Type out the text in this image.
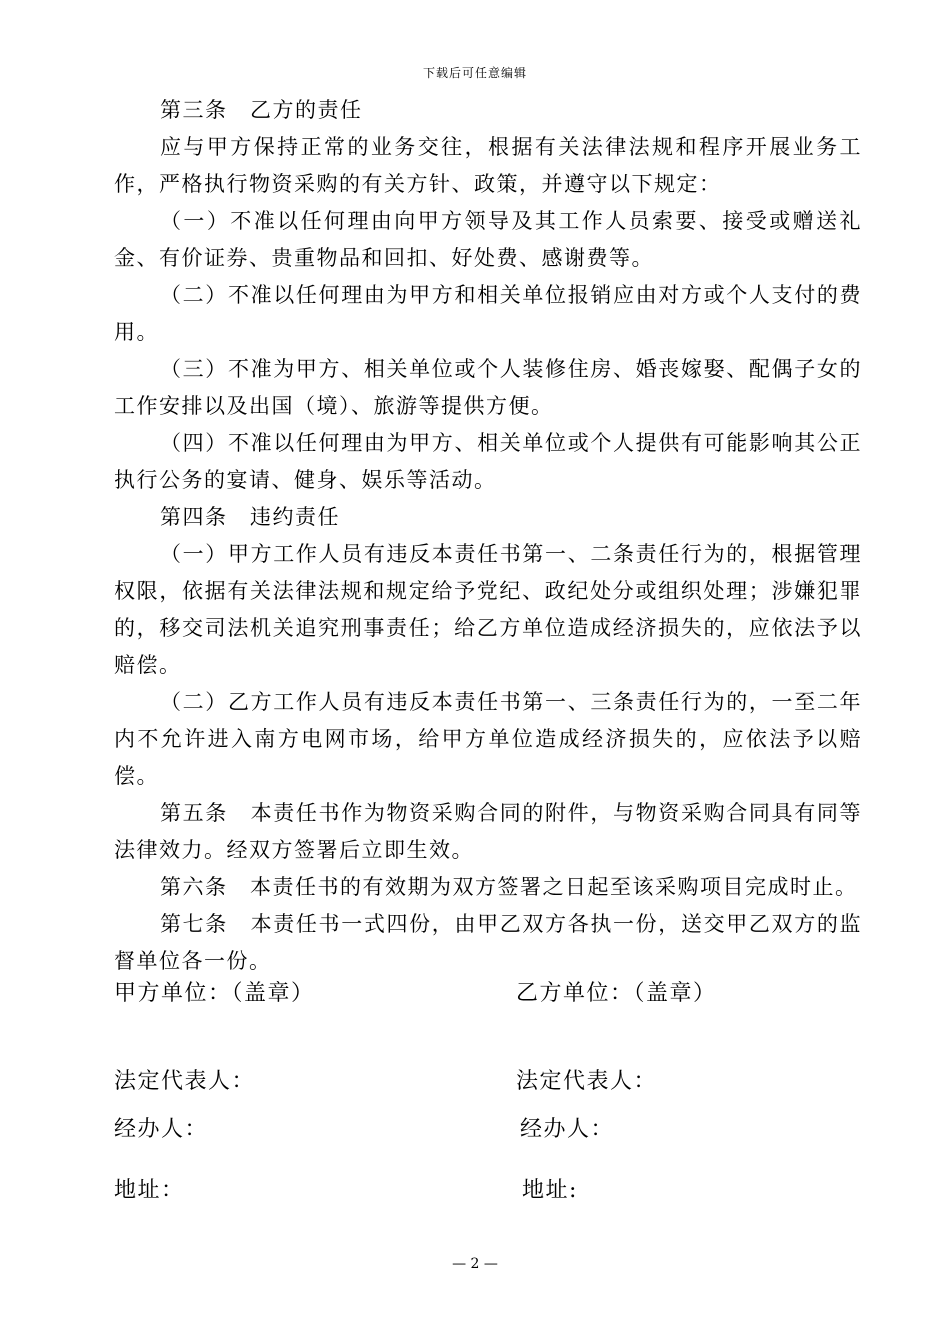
下载后可任意编辑

第三条　乙方的责任

应与甲方保持正常的业务交往，根据有关法律法规和程序开展业务工作，严格执行物资采购的有关方针、政策，并遵守以下规定：

（一）不准以任何理由向甲方领导及其工作人员索要、接受或赠送礼金、有价证券、贵重物品和回扣、好处费、感谢费等。

（二）不准以任何理由为甲方和相关单位报销应由对方或个人支付的费用。

（三）不准为甲方、相关单位或个人装修住房、婚丧嫁娶、配偶子女的工作安排以及出国（境）、旅游等提供方便。

（四）不准以任何理由为甲方、相关单位或个人提供有可能影响其公正执行公务的宴请、健身、娱乐等活动。

第四条　违约责任

（一）甲方工作人员有违反本责任书第一、二条责任行为的，根据管理权限，依据有关法律法规和规定给予党纪、政纪处分或组织处理；涉嫌犯罪的，移交司法机关追究刑事责任；给乙方单位造成经济损失的，应依法予以赔偿。

（二）乙方工作人员有违反本责任书第一、三条责任行为的，一至二年内不允许进入南方电网市场，给甲方单位造成经济损失的，应依法予以赔偿。

第五条　本责任书作为物资采购合同的附件，与物资采购合同具有同等法律效力。经双方签署后立即生效。

第六条　本责任书的有效期为双方签署之日起至该采购项目完成时止。

第七条　本责任书一式四份，由甲乙双方各执一份，送交甲乙双方的监督单位各一份。

甲方单位：（盖章）	乙方单位：（盖章）
法定代表人：	法定代表人：
经办人：	经办人：
地址：	地址:
— 2 —
